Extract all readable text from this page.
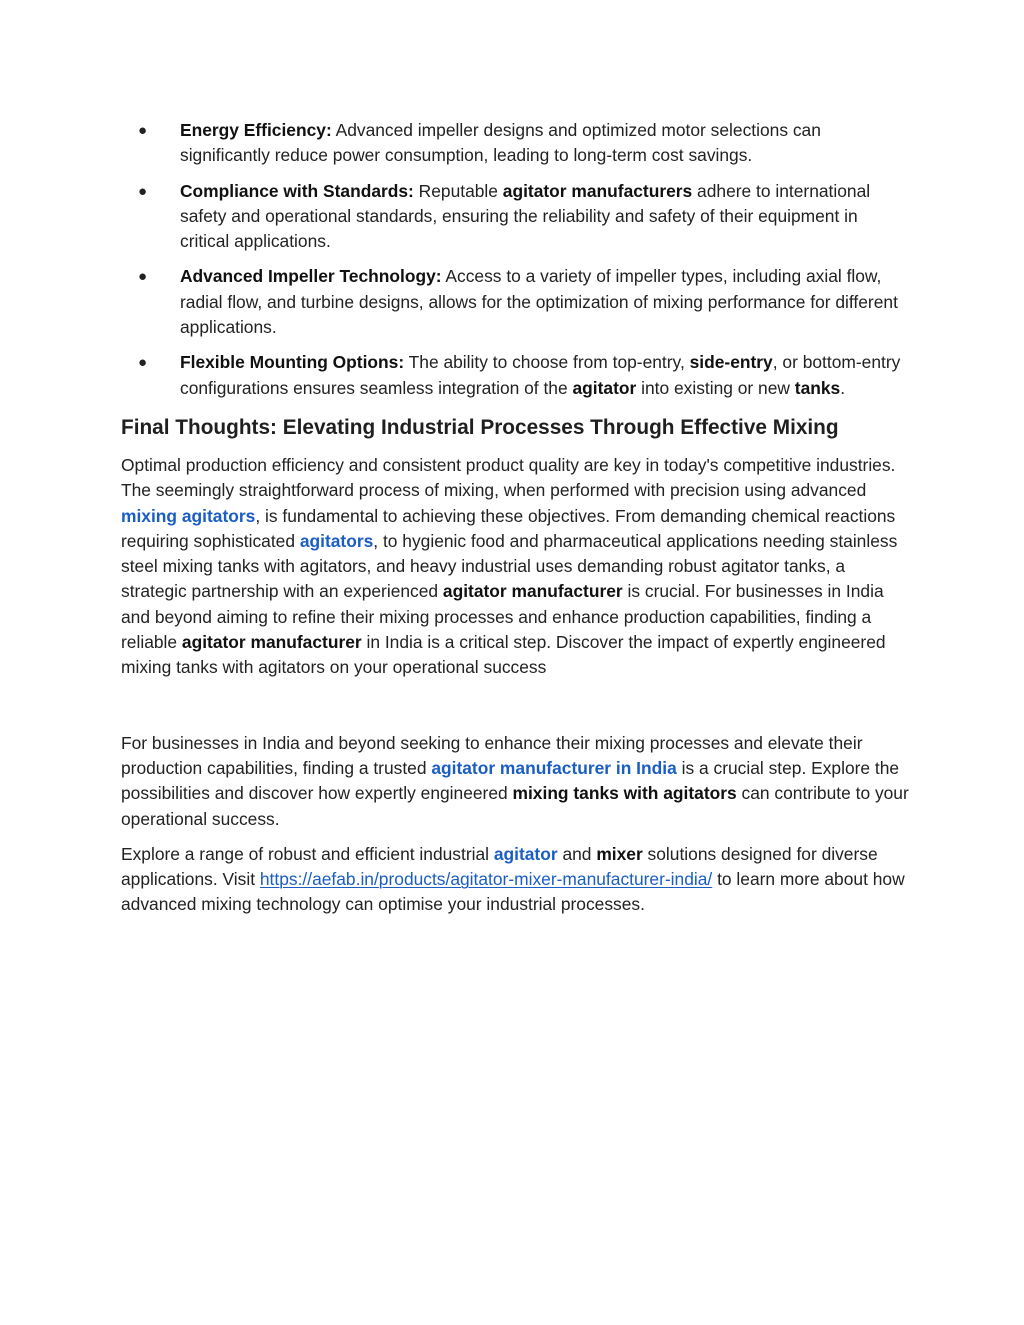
● Energy Efficiency: Advanced impeller designs and optimized motor selections can significantly reduce power consumption, leading to long-term cost savings.
● Compliance with Standards: Reputable agitator manufacturers adhere to international safety and operational standards, ensuring the reliability and safety of their equipment in critical applications.
● Advanced Impeller Technology: Access to a variety of impeller types, including axial flow, radial flow, and turbine designs, allows for the optimization of mixing performance for different applications.
● Flexible Mounting Options: The ability to choose from top-entry, side-entry, or bottom-entry configurations ensures seamless integration of the agitator into existing or new tanks.
Final Thoughts: Elevating Industrial Processes Through Effective Mixing

Optimal production efficiency and consistent product quality are key in today's competitive industries. The seemingly straightforward process of mixing, when performed with precision using advanced mixing agitators, is fundamental to achieving these objectives. From demanding chemical reactions requiring sophisticated agitators, to hygienic food and pharmaceutical applications needing stainless steel mixing tanks with agitators, and heavy industrial uses demanding robust agitator tanks, a strategic partnership with an experienced agitator manufacturer is crucial. For businesses in India and beyond aiming to refine their mixing processes and enhance production capabilities, finding a reliable agitator manufacturer in India is a critical step. Discover the impact of expertly engineered mixing tanks with agitators on your operational success

For businesses in India and beyond seeking to enhance their mixing processes and elevate their production capabilities, finding a trusted agitator manufacturer in India is a crucial step. Explore the possibilities and discover how expertly engineered mixing tanks with agitators can contribute to your operational success.

Explore a range of robust and efficient industrial agitator and mixer solutions designed for diverse applications. Visit https://aefab.in/products/agitator-mixer-manufacturer-india/ to learn more about how advanced mixing technology can optimise your industrial processes.
